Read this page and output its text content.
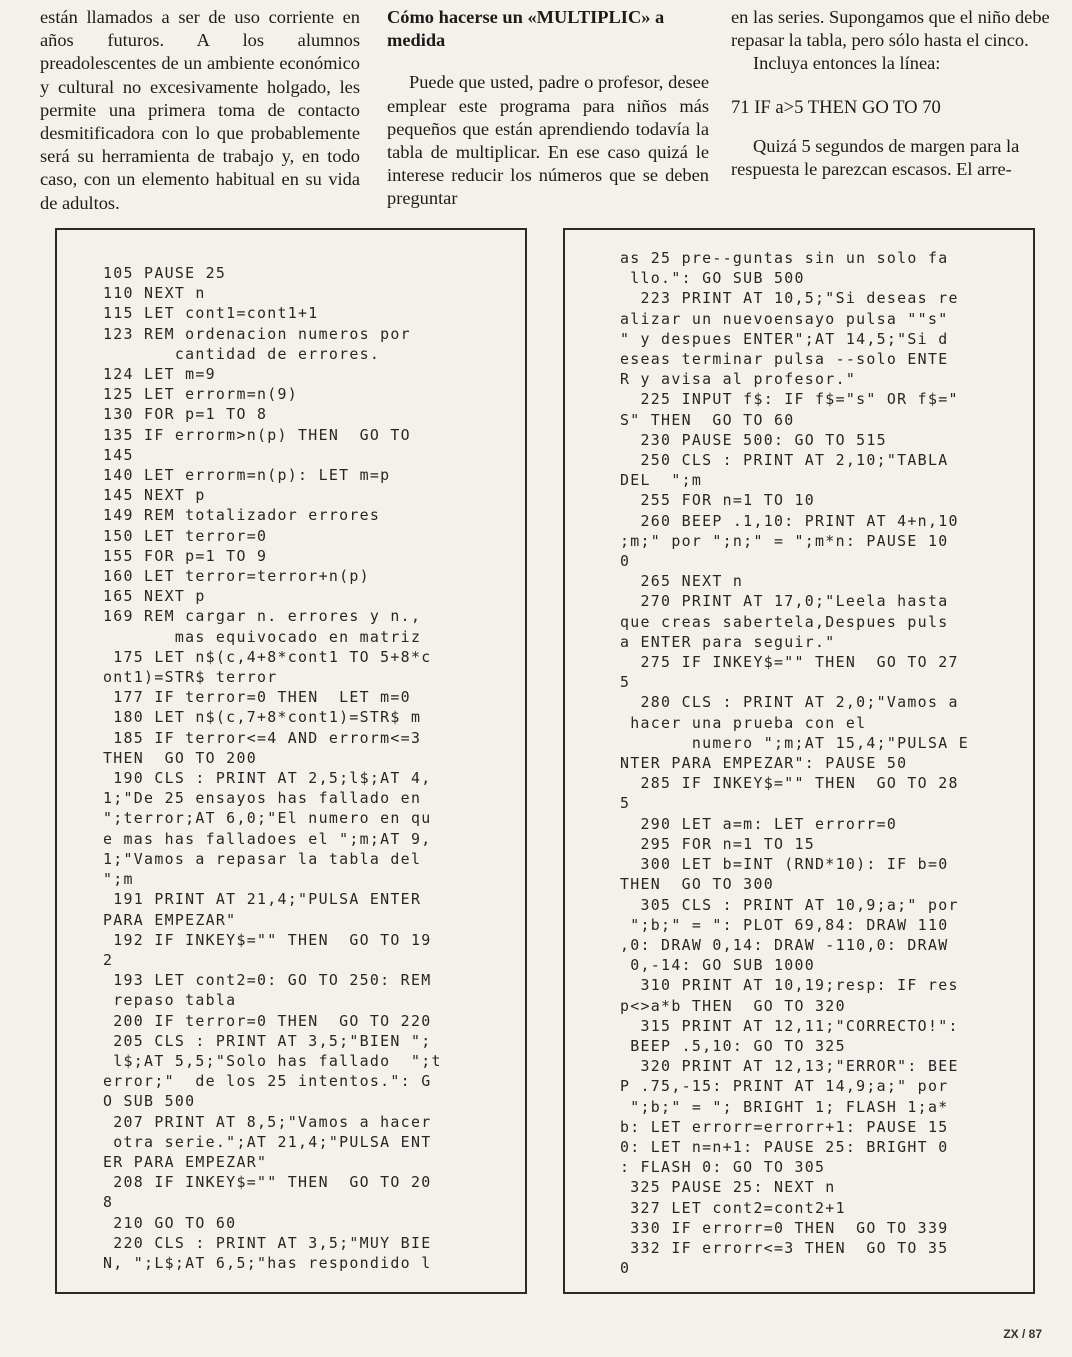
están llamados a ser de uso corriente en años futuros. A los alumnos preadolescentes de un ambiente económico y cultural no excesivamente holgado, les permite una primera toma de contacto desmitificadora con lo que probablemente será su herramienta de trabajo y, en todo caso, con un elemento habitual en su vida de adultos.

Cómo hacerse un «MULTIPLIC» a medida

Puede que usted, padre o profesor, desee emplear este programa para niños más pequeños que están aprendiendo todavía la tabla de multiplicar. En ese caso quizá le interese reducir los números que se deben preguntar

en las series. Supongamos que el niño debe repasar la tabla, pero sólo hasta el cinco.

Incluya entonces la línea:

71 IF a>5 THEN GO TO 70

Quizá 5 segundos de margen para la respuesta le parezcan escasos. El arre-

105 PAUSE 25
110 NEXT n
115 LET cont1=cont1+1
123 REM ordenacion numeros por
cantidad de errores.
124 LET m=9
125 LET errorm=n(9)
130 FOR p=1 TO 8
135 IF errorm>n(p) THEN  GO TO
145
140 LET errorm=n(p): LET m=p
145 NEXT p
149 REM totalizador errores
150 LET terror=0
155 FOR p=1 TO 9
160 LET terror=terror+n(p)
165 NEXT p
169 REM cargar n. errores y n.,
mas equivocado en matriz
175 LET n$(c,4+8*cont1 TO 5+8*c
ont1)=STR$ terror
177 IF terror=0 THEN  LET m=0
180 LET n$(c,7+8*cont1)=STR$ m
185 IF terror<=4 AND errorm<=3
THEN  GO TO 200
190 CLS : PRINT AT 2,5;l$;AT 4,
1;"De 25 ensayos has fallado en
";terror;AT 6,0;"El numero en qu
e mas has falladoes el ";m;AT 9,
1;"Vamos a repasar la tabla del
";m
191 PRINT AT 21,4;"PULSA ENTER
PARA EMPEZAR"
192 IF INKEY$="" THEN  GO TO 19
2
193 LET cont2=0: GO TO 250: REM
repaso tabla
200 IF terror=0 THEN  GO TO 220
205 CLS : PRINT AT 3,5;"BIEN ";
l$;AT 5,5;"Solo has fallado  ";t
error;"  de los 25 intentos.": G
O SUB 500
207 PRINT AT 8,5;"Vamos a hacer
otra serie.";AT 21,4;"PULSA ENT
ER PARA EMPEZAR"
208 IF INKEY$="" THEN  GO TO 20
8
210 GO TO 60
220 CLS : PRINT AT 3,5;"MUY BIE
N, ";L$;AT 6,5;"has respondido l
as 25 pre--guntas sin un solo fa
llo.": GO SUB 500
223 PRINT AT 10,5;"Si deseas re
alizar un nuevoensayo pulsa ""s"
" y despues ENTER";AT 14,5;"Si d
eseas terminar pulsa --solo ENTE
R y avisa al profesor."
225 INPUT f$: IF f$="s" OR f$="
S" THEN  GO TO 60
230 PAUSE 500: GO TO 515
250 CLS : PRINT AT 2,10;"TABLA
DEL  ";m
255 FOR n=1 TO 10
260 BEEP .1,10: PRINT AT 4+n,10
;m;" por ";n;" = ";m*n: PAUSE 10
0
265 NEXT n
270 PRINT AT 17,0;"Leela hasta
que creas sabertela,Despues puls
a ENTER para seguir."
275 IF INKEY$="" THEN  GO TO 27
5
280 CLS : PRINT AT 2,0;"Vamos a
hacer una prueba con el
numero ";m;AT 15,4;"PULSA E
NTER PARA EMPEZAR": PAUSE 50
285 IF INKEY$="" THEN  GO TO 28
5
290 LET a=m: LET errorr=0
295 FOR n=1 TO 15
300 LET b=INT (RND*10): IF b=0
THEN  GO TO 300
305 CLS : PRINT AT 10,9;a;" por
";b;" = ": PLOT 69,84: DRAW 110
,0: DRAW 0,14: DRAW -110,0: DRAW
0,-14: GO SUB 1000
310 PRINT AT 10,19;resp: IF res
p<>a*b THEN  GO TO 320
315 PRINT AT 12,11;"CORRECTO!":
BEEP .5,10: GO TO 325
320 PRINT AT 12,13;"ERROR": BEE
P .75,-15: PRINT AT 14,9;a;" por
";b;" = "; BRIGHT 1; FLASH 1;a*
b: LET errorr=errorr+1: PAUSE 15
0: LET n=n+1: PAUSE 25: BRIGHT 0
: FLASH 0: GO TO 305
325 PAUSE 25: NEXT n
327 LET cont2=cont2+1
330 IF errorr=0 THEN  GO TO 339
332 IF errorr<=3 THEN  GO TO 35
0
ZX / 87
